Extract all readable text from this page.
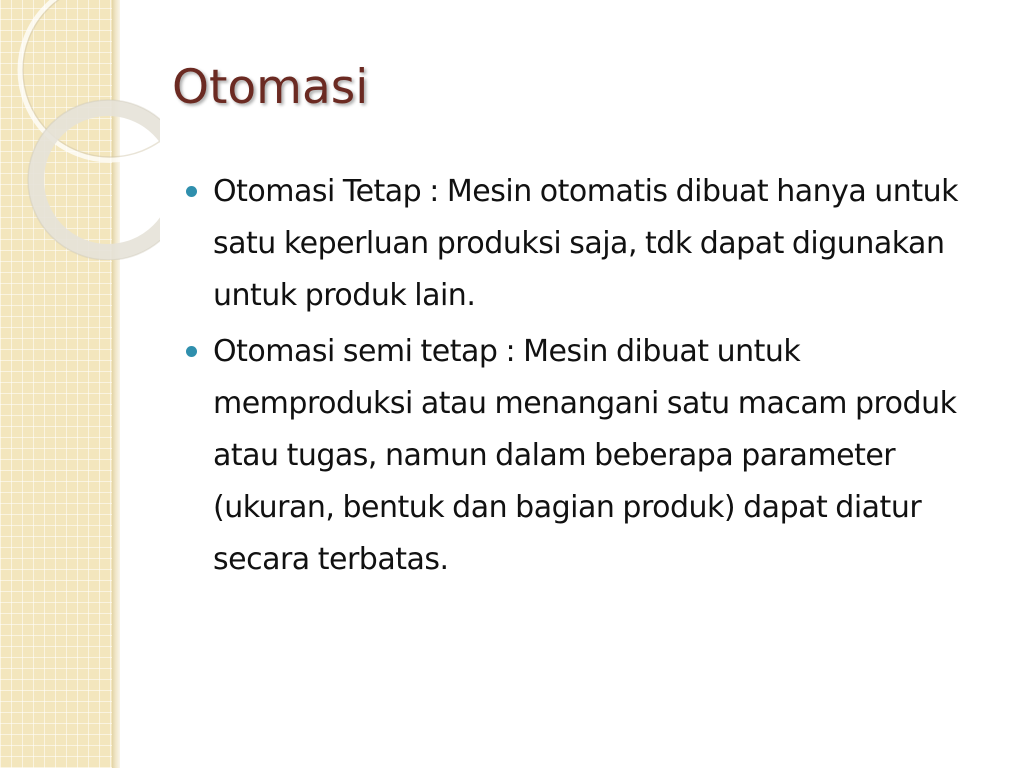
Otomasi
Otomasi Tetap : Mesin otomatis dibuat hanya untuk satu keperluan produksi saja, tdk dapat digunakan untuk produk lain.
Otomasi semi tetap : Mesin dibuat untuk memproduksi atau menangani satu macam produk atau tugas, namun dalam beberapa parameter (ukuran, bentuk dan bagian produk) dapat diatur secara terbatas.
